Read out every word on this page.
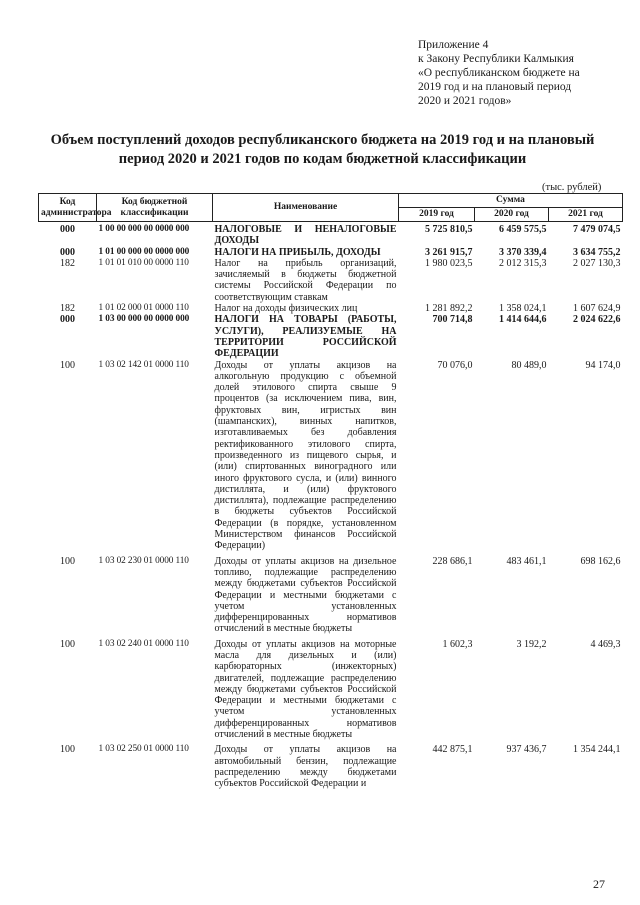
Приложение 4
к Закону Республики Калмыкия
«О республиканском бюджете на
2019 год и на плановый период
2020 и 2021 годов»
Объем поступлений доходов республиканского бюджета на 2019 год и на плановый период 2020 и 2021 годов по кодам бюджетной классификации
(тыс. рублей)
Код администратора	Код бюджетной классификации	Наименование	Сумма		
			2019 год	2020 год	2021 год
000	1 00 00 000 00 0000 000	НАЛОГОВЫЕ И НЕНАЛОГОВЫЕ ДОХОДЫ	5 725 810,5	6 459 575,5	7 479 074,5
000	1 01 00 000 00 0000 000	НАЛОГИ НА ПРИБЫЛЬ, ДОХОДЫ	3 261 915,7	3 370 339,4	3 634 755,2
182	1 01 01 010 00 0000 110	Налог на прибыль организаций, зачисляемый в бюджеты бюджетной системы Российской Федерации по соответствующим ставкам	1 980 023,5	2 012 315,3	2 027 130,3
182	1 01 02 000 01 0000 110	Налог на доходы физических лиц	1 281 892,2	1 358 024,1	1 607 624,9
000	1 03 00 000 00 0000 000	НАЛОГИ НА ТОВАРЫ (РАБОТЫ, УСЛУГИ), РЕАЛИЗУЕМЫЕ НА ТЕРРИТОРИИ РОССИЙСКОЙ ФЕДЕРАЦИИ	700 714,8	1 414 644,6	2 024 622,6
100	1 03 02 142 01 0000 110	Доходы от уплаты акцизов на алкогольную продукцию с объемной долей этилового спирта свыше 9 процентов (за исключением пива, вин, фруктовых вин, игристых вин (шампанских), винных напитков, изготавливаемых без добавления ректификованного этилового спирта, произведенного из пищевого сырья, и (или) спиртованных виноградного или иного фруктового сусла, и (или) винного дистиллята, и (или) фруктового дистиллята), подлежащие распределению в бюджеты субъектов Российской Федерации (в порядке, установленном Министерством финансов Российской Федерации)	70 076,0	80 489,0	94 174,0
100	1 03 02 230 01 0000 110	Доходы от уплаты акцизов на дизельное топливо, подлежащие распределению между бюджетами субъектов Российской Федерации и местными бюджетами с учетом установленных дифференцированных нормативов отчислений в местные бюджеты	228 686,1	483 461,1	698 162,6
100	1 03 02 240 01 0000 110	Доходы от уплаты акцизов на моторные масла для дизельных и (или) карбюраторных (инжекторных) двигателей, подлежащие распределению между бюджетами субъектов Российской Федерации и местными бюджетами с учетом установленных дифференцированных нормативов отчислений в местные бюджеты	1 602,3	3 192,2	4 469,3
100	1 03 02 250 01 0000 110	Доходы от уплаты акцизов на автомобильный бензин, подлежащие распределению между бюджетами субъектов Российской Федерации и	442 875,1	937 436,7	1 354 244,1
27
